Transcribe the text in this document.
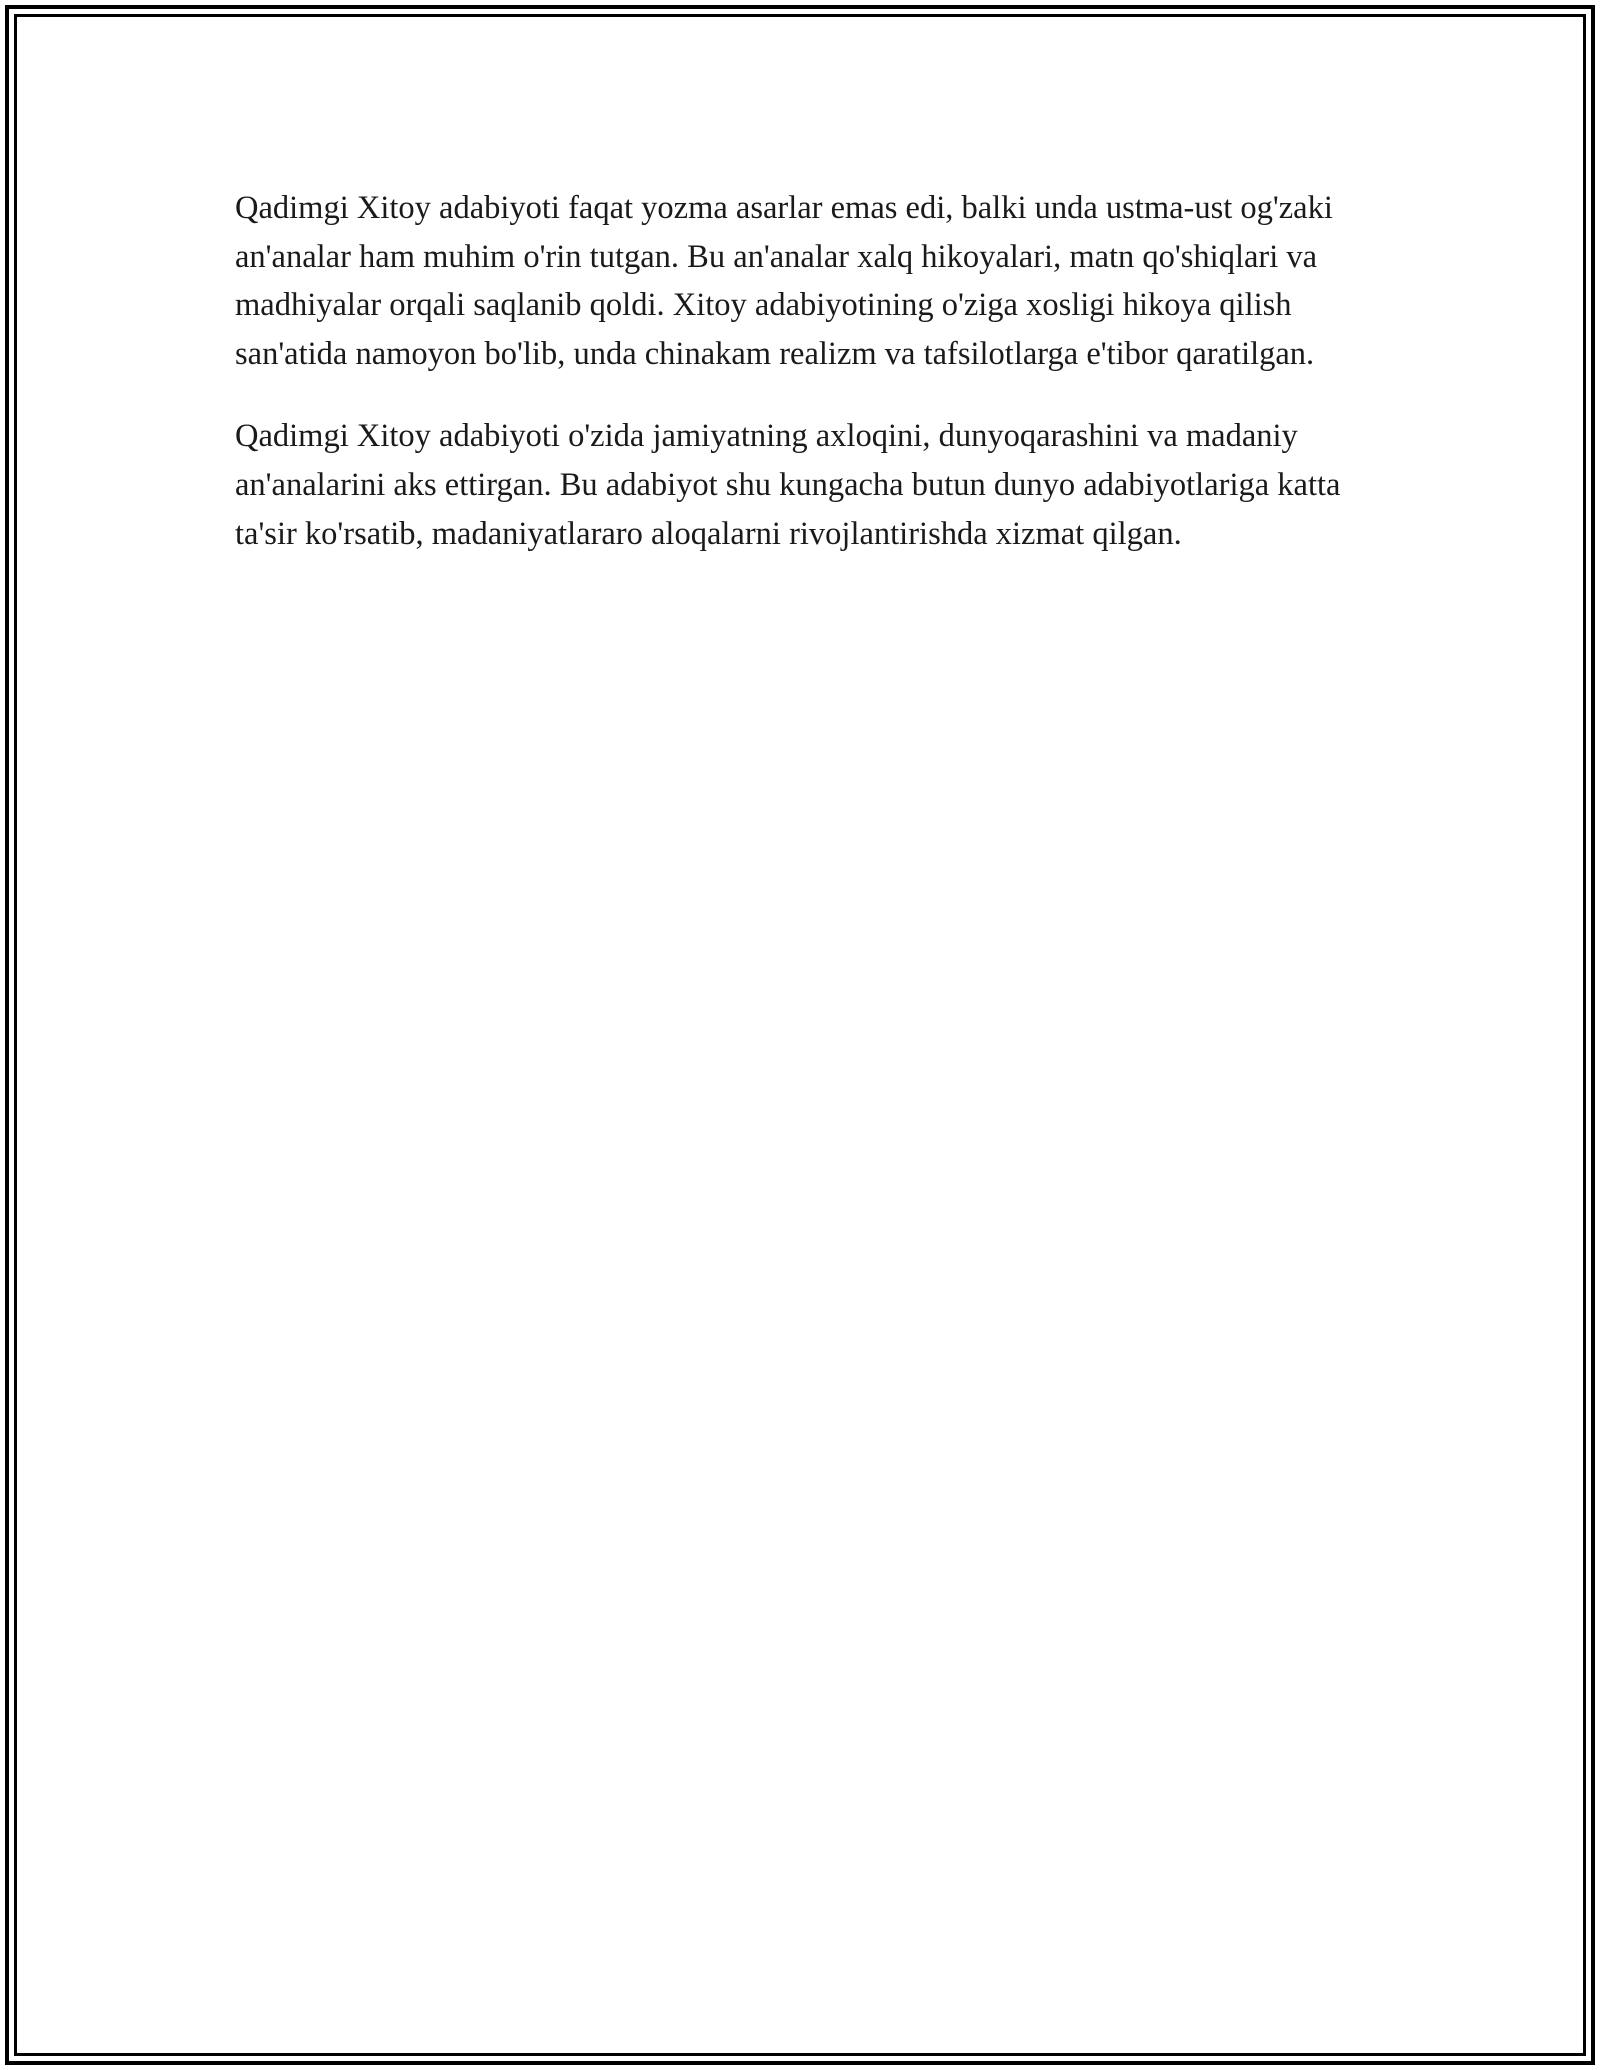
Qadimgi Xitoy adabiyoti faqat yozma asarlar emas edi, balki unda ustma-ust og'zaki an'analar ham muhim o'rin tutgan. Bu an'analar xalq hikoyalari, matn qo'shiqlari va madhiyalar orqali saqlanib qoldi. Xitoy adabiyotining o'ziga xosligi hikoya qilish san'atida namoyon bo'lib, unda chinakam realizm va tafsilotlarga e'tibor qaratilgan.

Qadimgi Xitoy adabiyoti o'zida jamiyatning axloqini, dunyoqarashini va madaniy an'analarini aks ettirgan. Bu adabiyot shu kungacha butun dunyo adabiyotlariga katta ta'sir ko'rsatib, madaniyatlararo aloqalarni rivojlantirishda xizmat qilgan.
